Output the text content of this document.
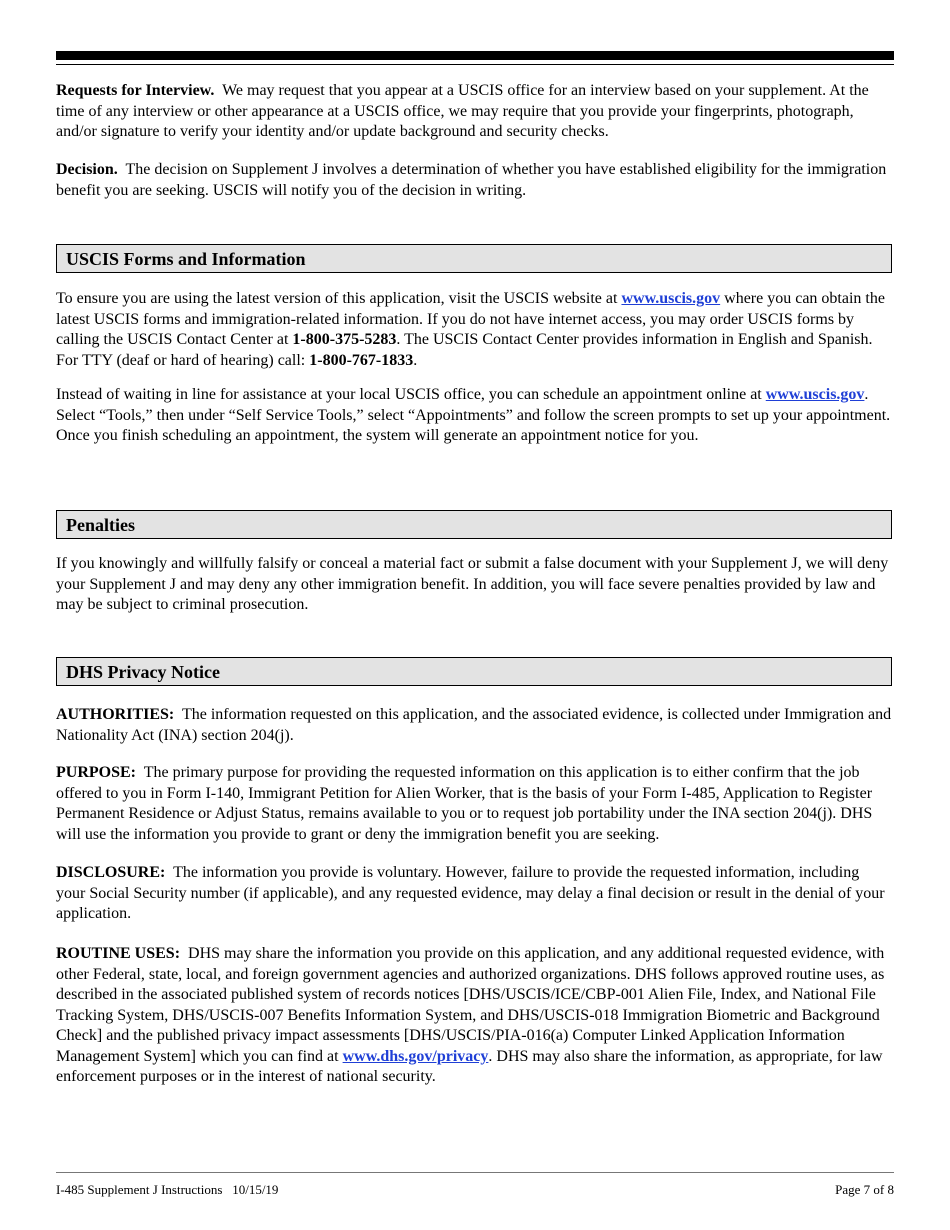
Requests for Interview. We may request that you appear at a USCIS office for an interview based on your supplement. At the time of any interview or other appearance at a USCIS office, we may require that you provide your fingerprints, photograph, and/or signature to verify your identity and/or update background and security checks.

Decision. The decision on Supplement J involves a determination of whether you have established eligibility for the immigration benefit you are seeking. USCIS will notify you of the decision in writing.

USCIS Forms and Information

To ensure you are using the latest version of this application, visit the USCIS website at www.uscis.gov where you can obtain the latest USCIS forms and immigration-related information. If you do not have internet access, you may order USCIS forms by calling the USCIS Contact Center at 1-800-375-5283. The USCIS Contact Center provides information in English and Spanish. For TTY (deaf or hard of hearing) call: 1-800-767-1833.

Instead of waiting in line for assistance at your local USCIS office, you can schedule an appointment online at www.uscis.gov. Select “Tools,” then under “Self Service Tools,” select “Appointments” and follow the screen prompts to set up your appointment. Once you finish scheduling an appointment, the system will generate an appointment notice for you.

Penalties

If you knowingly and willfully falsify or conceal a material fact or submit a false document with your Supplement J, we will deny your Supplement J and may deny any other immigration benefit. In addition, you will face severe penalties provided by law and may be subject to criminal prosecution.

DHS Privacy Notice

AUTHORITIES: The information requested on this application, and the associated evidence, is collected under Immigration and Nationality Act (INA) section 204(j).

PURPOSE: The primary purpose for providing the requested information on this application is to either confirm that the job offered to you in Form I-140, Immigrant Petition for Alien Worker, that is the basis of your Form I-485, Application to Register Permanent Residence or Adjust Status, remains available to you or to request job portability under the INA section 204(j). DHS will use the information you provide to grant or deny the immigration benefit you are seeking.

DISCLOSURE: The information you provide is voluntary. However, failure to provide the requested information, including your Social Security number (if applicable), and any requested evidence, may delay a final decision or result in the denial of your application.

ROUTINE USES: DHS may share the information you provide on this application, and any additional requested evidence, with other Federal, state, local, and foreign government agencies and authorized organizations. DHS follows approved routine uses, as described in the associated published system of records notices [DHS/USCIS/ICE/CBP-001 Alien File, Index, and National File Tracking System, DHS/USCIS-007 Benefits Information System, and DHS/USCIS-018 Immigration Biometric and Background Check] and the published privacy impact assessments [DHS/USCIS/PIA-016(a) Computer Linked Application Information Management System] which you can find at www.dhs.gov/privacy. DHS may also share the information, as appropriate, for law enforcement purposes or in the interest of national security.

I-485 Supplement J Instructions   10/15/19	Page 7 of 8
